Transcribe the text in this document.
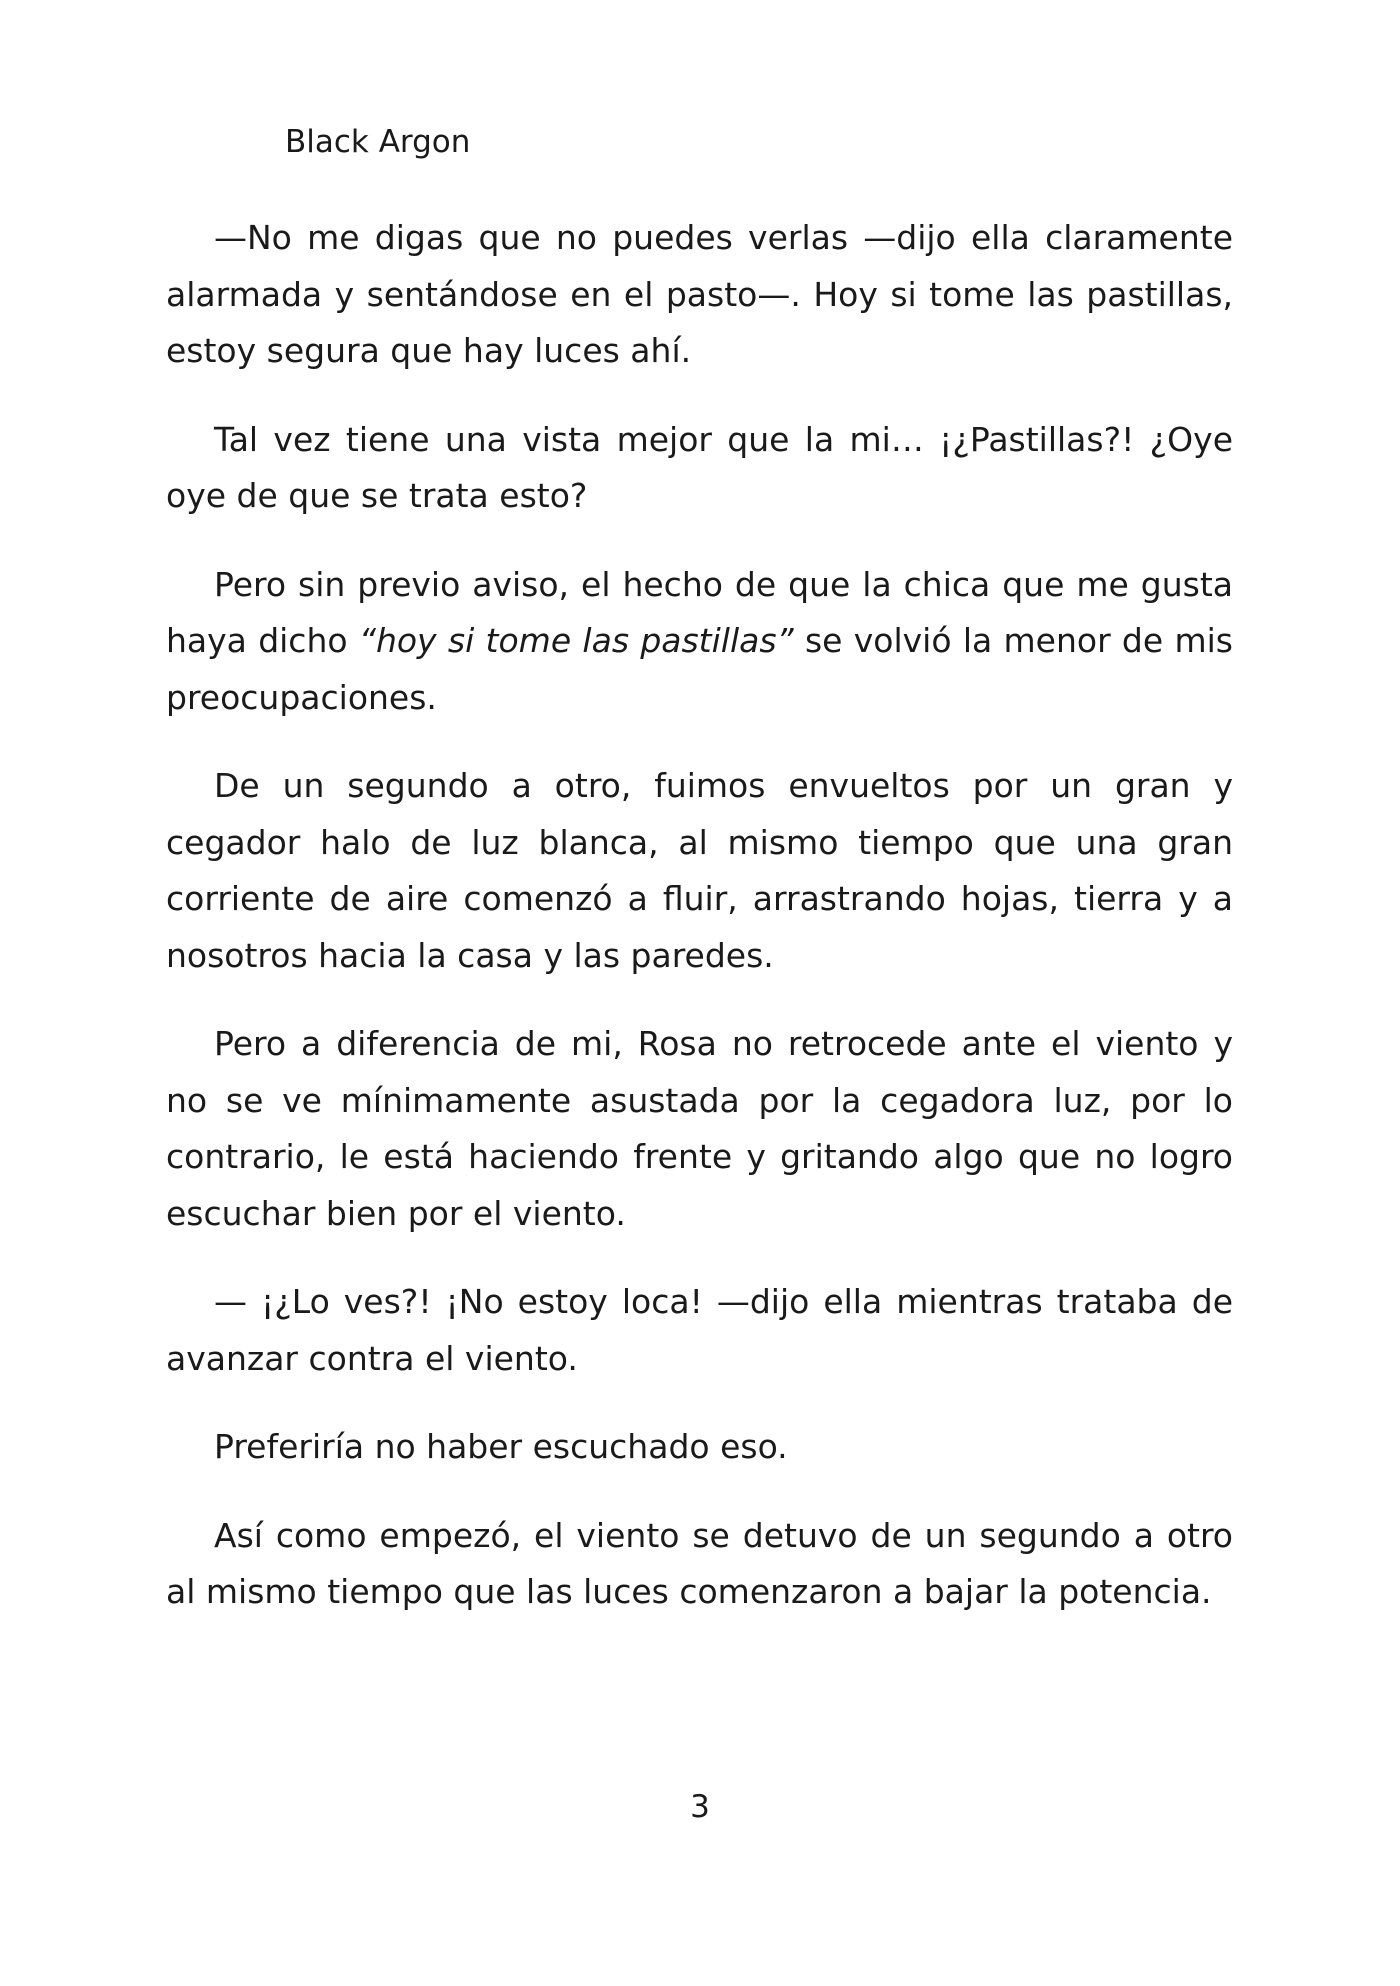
Black Argon

—No me digas que no puedes verlas —dijo ella claramente alarmada y sentándose en el pasto—. Hoy si tome las pastillas, estoy segura que hay luces ahí.

Tal vez tiene una vista mejor que la mi… ¡¿Pastillas?! ¿Oye oye de que se trata esto?

Pero sin previo aviso, el hecho de que la chica que me gusta haya dicho “hoy si tome las pastillas” se volvió la menor de mis preocupaciones.

De un segundo a otro, fuimos envueltos por un gran y cegador halo de luz blanca, al mismo tiempo que una gran corriente de aire comenzó a fluir, arrastrando hojas, tierra y a nosotros hacia la casa y las paredes.

Pero a diferencia de mi, Rosa no retrocede ante el viento y no se ve mínimamente asustada por la cegadora luz, por lo contrario, le está haciendo frente y gritando algo que no logro escuchar bien por el viento.

— ¡¿Lo ves?! ¡No estoy loca! —dijo ella mientras trataba de avanzar contra el viento.

Preferiría no haber escuchado eso.

Así como empezó, el viento se detuvo de un segundo a otro al mismo tiempo que las luces comenzaron a bajar la potencia.

3
